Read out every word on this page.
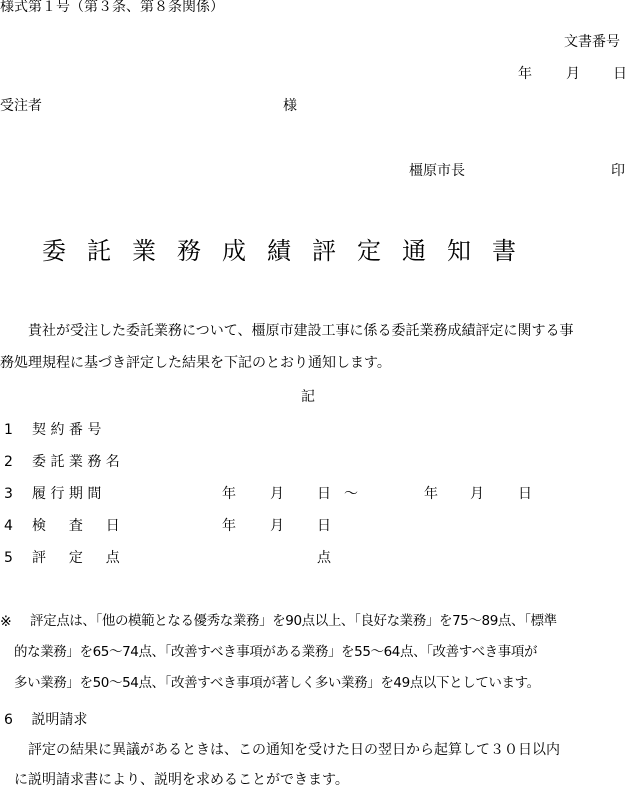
様式第１号（第３条、第８条関係）
文書番号
年 月 日
受注者	様
橿原市長	印
委託業務成績評定通知書
貴社が受注した委託業務について、橿原市建設工事に係る委託業務成績評定に関する事
務処理規程に基づき評定した結果を下記のとおり通知します。
記
1 契 約 番 号
2 委 託 業 務 名
3 履 行 期 間	年 月 日 ～	年 月 日
4 検 　 査 　 日	年 月 日
5 評 　 定 　 点	点
※	評定点は、「他の模範となる優秀な業務」を90点以上、「良好な業務」を75～89点、「標準
的な業務」を65～74点、「改善すべき事項がある業務」を55～64点、「改善すべき事項が
多い業務」を50～54点、「改善すべき事項が著しく多い業務」を49点以下としています。
6 　説明請求
評定の結果に異議があるときは、この通知を受けた日の翌日から起算して３０日以内
に説明請求書により、説明を求めることができます。
